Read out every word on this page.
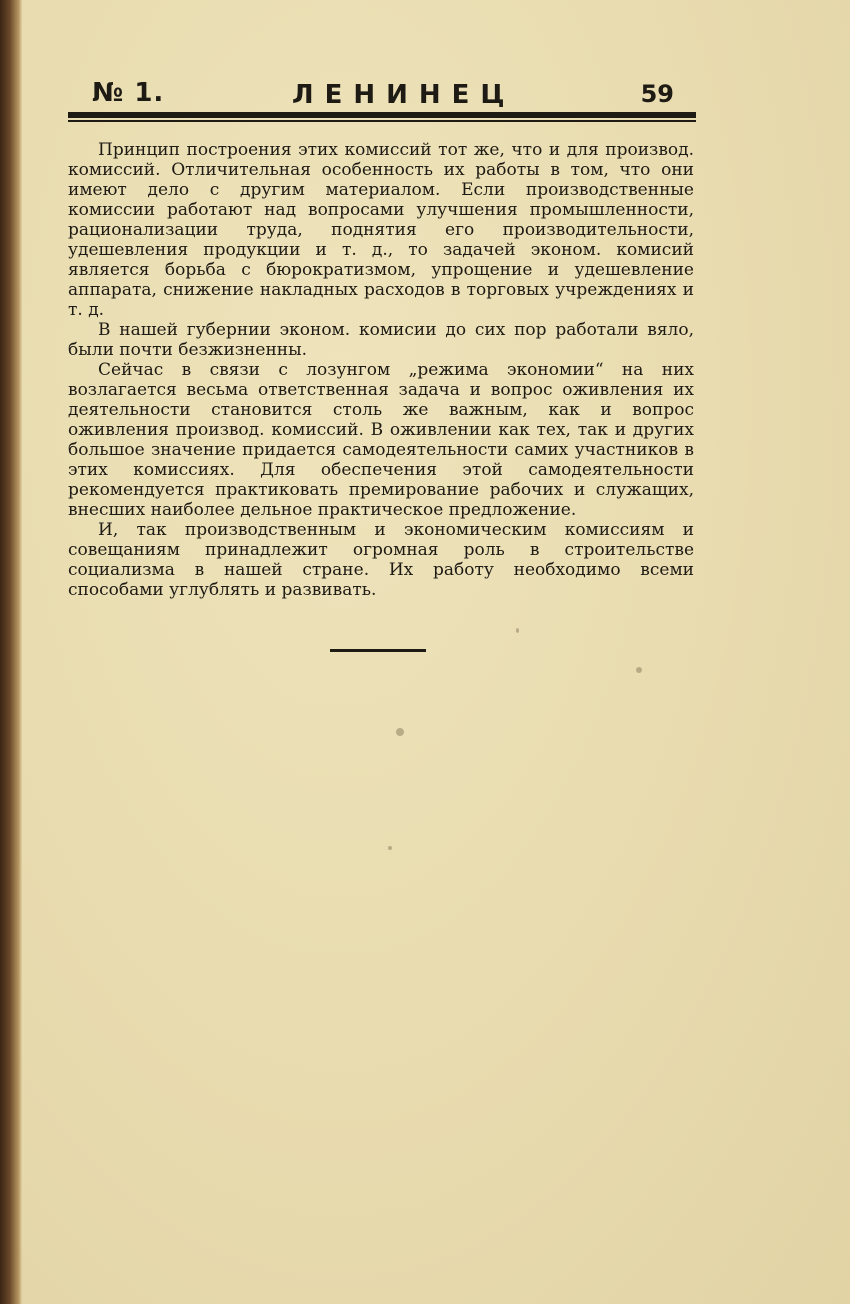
№ 1.	ЛЕНИНЕЦ	59

Принцип построения этих комиссий тот же, что и для производ. комиссий. Отличительная особенность их работы в том, что они имеют дело с другим материалом. Если производственные комиссии работают над вопросами улучшения промышленности, рационализации труда, поднятия его производительности, удешевления продукции и т. д., то задачей эконом. комисий является борьба с бюрократизмом, упрощение и удешевление аппарата, снижение накладных расходов в торговых учреждениях и т. д.

В нашей губернии эконом. комисии до сих пор работали вяло, были почти безжизненны.

Сейчас в связи с лозунгом „режима экономии“ на них возлагается весьма ответственная задача и вопрос оживления их деятельности становится столь же важным, как и вопрос оживления производ. комиссий. В оживлении как тех, так и других большое значение придается самодеятельности самих участников в этих комиссиях. Для обеспечения этой самодеятельности рекомендуется практиковать премирование рабочих и служащих, внесших наиболее дельное практическое предложение.

И, так производственным и экономическим комиссиям и совещаниям принадлежит огромная роль в строительстве социализма в нашей стране. Их работу необходимо всеми способами углублять и развивать.
